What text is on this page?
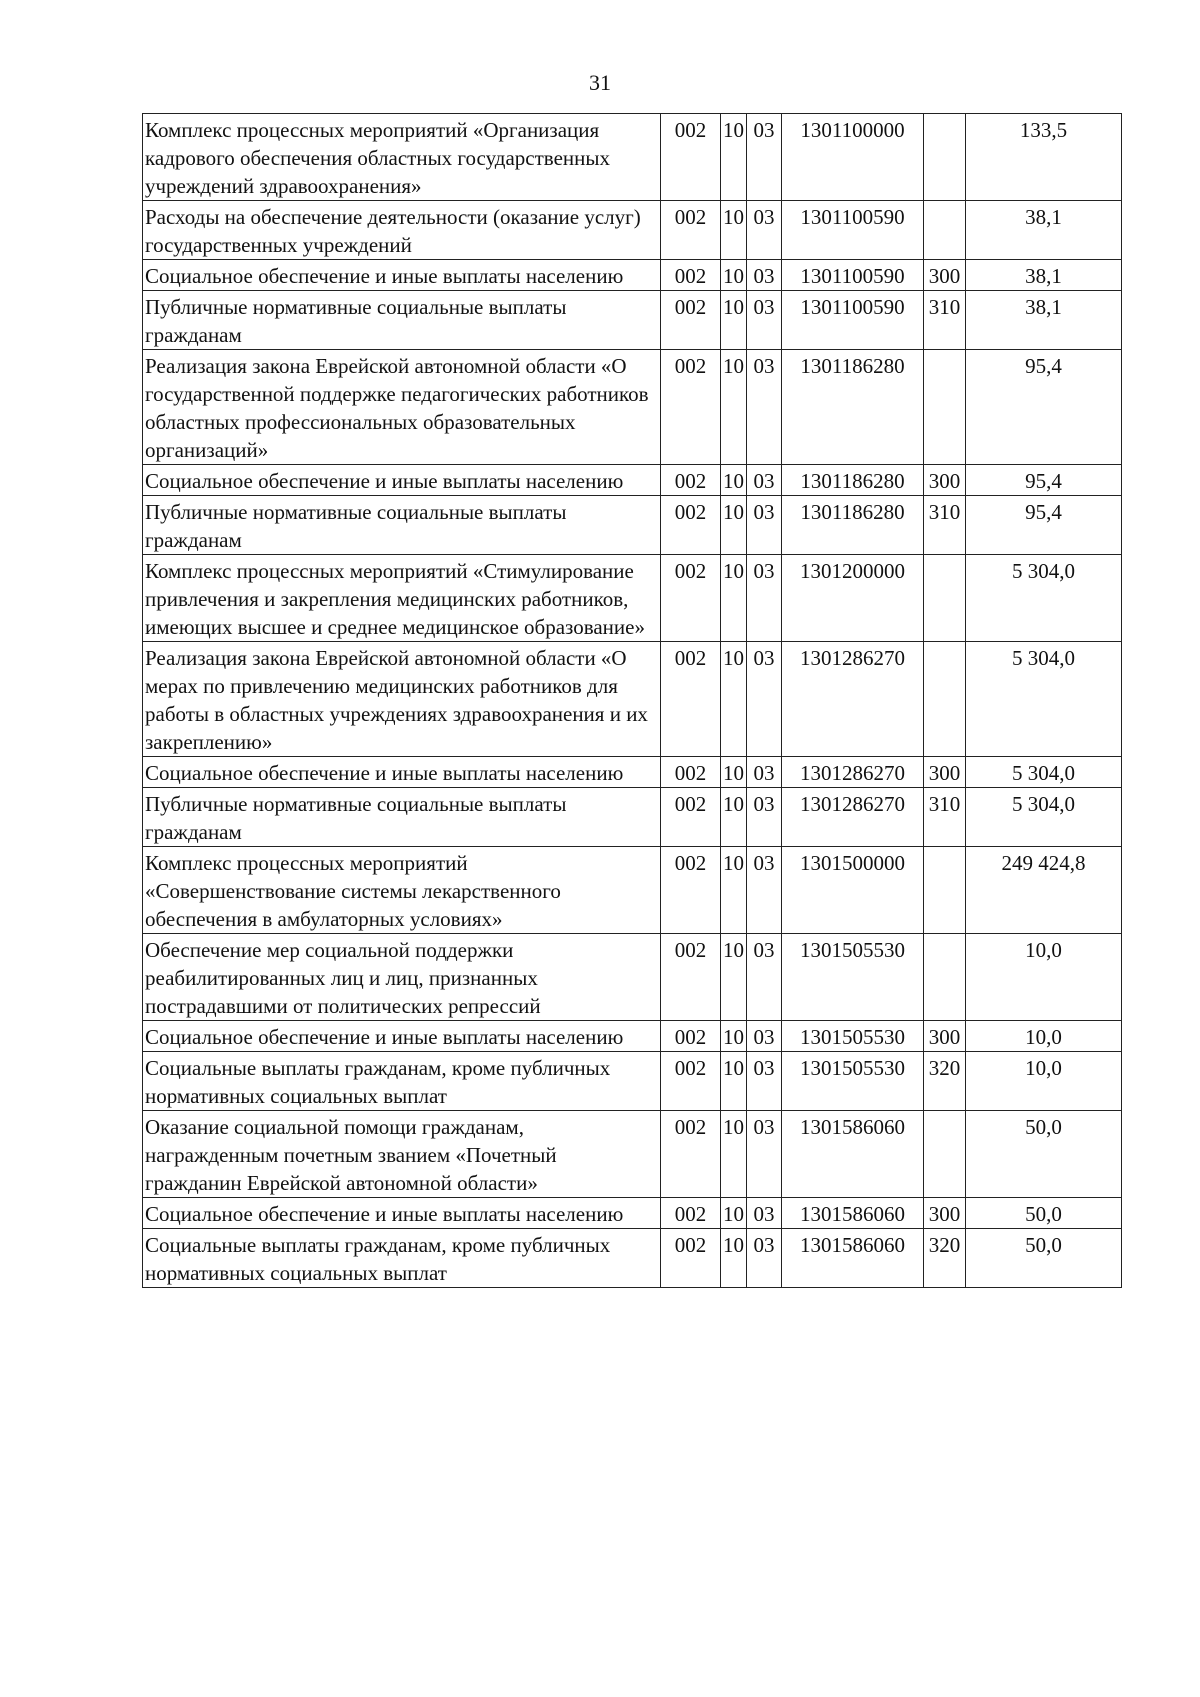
31
Комплекс процессных мероприятий «Организация кадрового обеспечения областных государственных учреждений здравоохранения»	002	10	03	1301100000		133,5
Расходы на обеспечение деятельности (оказание услуг) государственных учреждений	002	10	03	1301100590		38,1
Социальное обеспечение и иные выплаты населению	002	10	03	1301100590	300	38,1
Публичные нормативные социальные выплаты гражданам	002	10	03	1301100590	310	38,1
Реализация закона Еврейской автономной области «О государственной поддержке педагогических работников областных профессиональных образовательных организаций»	002	10	03	1301186280		95,4
Социальное обеспечение и иные выплаты населению	002	10	03	1301186280	300	95,4
Публичные нормативные социальные выплаты гражданам	002	10	03	1301186280	310	95,4
Комплекс процессных мероприятий «Стимулирование привлечения и закрепления медицинских работников, имеющих высшее и среднее медицинское образование»	002	10	03	1301200000		5 304,0
Реализация закона Еврейской автономной области «О мерах по привлечению медицинских работников для работы в областных учреждениях здравоохранения и их закреплению»	002	10	03	1301286270		5 304,0
Социальное обеспечение и иные выплаты населению	002	10	03	1301286270	300	5 304,0
Публичные нормативные социальные выплаты гражданам	002	10	03	1301286270	310	5 304,0
Комплекс процессных мероприятий «Совершенствование системы лекарственного обеспечения в амбулаторных условиях»	002	10	03	1301500000		249 424,8
Обеспечение мер социальной поддержки реабилитированных лиц и лиц, признанных пострадавшими от политических репрессий	002	10	03	1301505530		10,0
Социальное обеспечение и иные выплаты населению	002	10	03	1301505530	300	10,0
Социальные выплаты гражданам, кроме публичных нормативных социальных выплат	002	10	03	1301505530	320	10,0
Оказание социальной помощи гражданам, награжденным почетным званием «Почетный гражданин Еврейской автономной области»	002	10	03	1301586060		50,0
Социальное обеспечение и иные выплаты населению	002	10	03	1301586060	300	50,0
Социальные выплаты гражданам, кроме публичных нормативных социальных выплат	002	10	03	1301586060	320	50,0
